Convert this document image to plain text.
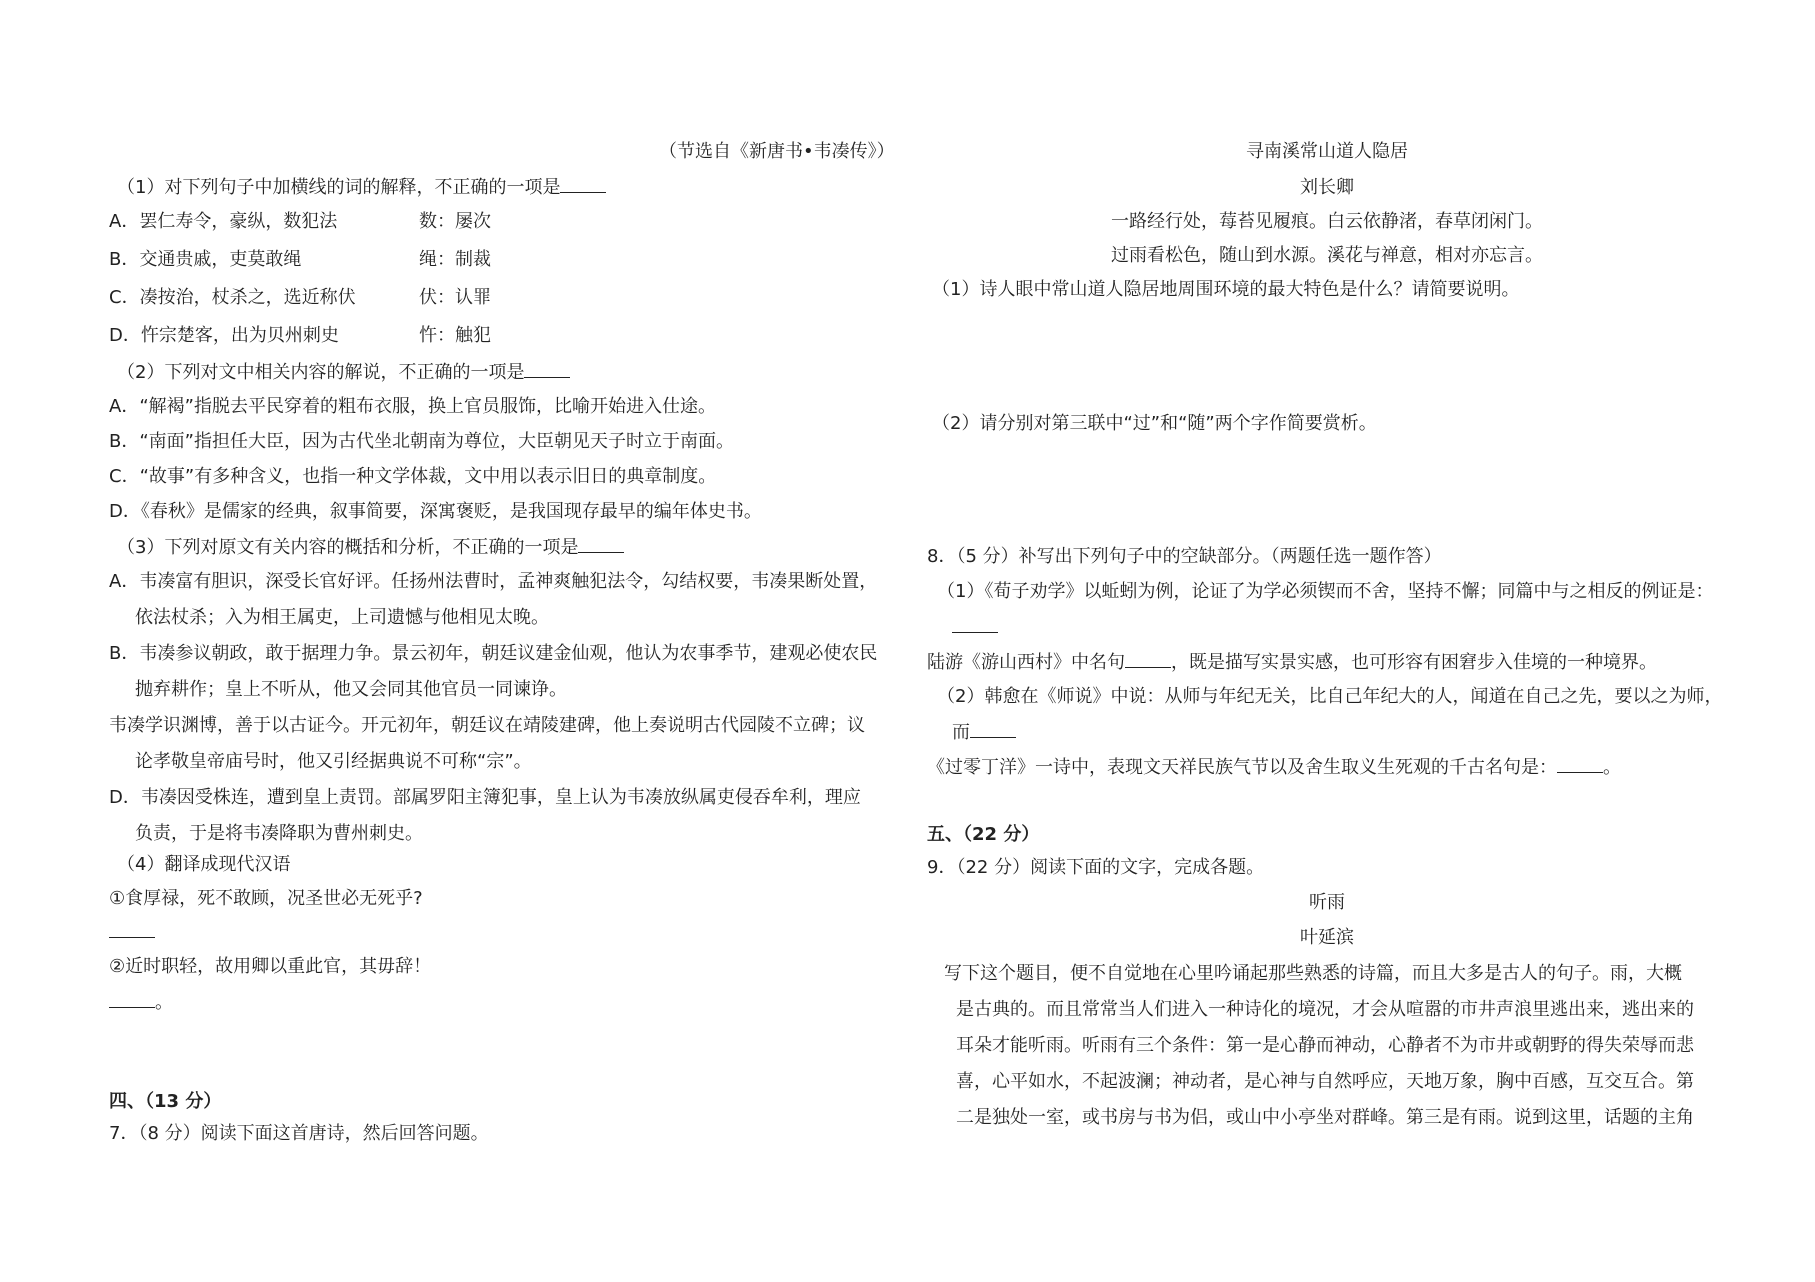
（节选自《新唐书•韦凑传》）
（1）对下列句子中加横线的词的解释，不正确的一项是
A．罢仁寿令，豪纵，数犯法	数：屡次
B．交通贵戚，吏莫敢绳	绳：制裁
C．凑按治，杖杀之，选近称伏	伏：认罪
D．忤宗楚客，出为贝州刺史	忤：触犯
（2）下列对文中相关内容的解说，不正确的一项是
A．“解褐”指脱去平民穿着的粗布衣服，换上官员服饰，比喻开始进入仕途。
B．“南面”指担任大臣，因为古代坐北朝南为尊位，大臣朝见天子时立于南面。
C．“故事”有多种含义，也指一种文学体裁，文中用以表示旧日的典章制度。
D．《春秋》是儒家的经典，叙事简要，深寓褒贬，是我国现存最早的编年体史书。
（3）下列对原文有关内容的概括和分析，不正确的一项是
A．韦凑富有胆识，深受长官好评。任扬州法曹时，孟神爽触犯法令，勾结权要，韦凑果断处置，
依法杖杀；入为相王属吏，上司遗憾与他相见太晚。
B．韦凑参议朝政，敢于据理力争。景云初年，朝廷议建金仙观，他认为农事季节，建观必使农民
抛弃耕作；皇上不听从，他又会同其他官员一同谏诤。
韦凑学识渊博，善于以古证今。开元初年，朝廷议在靖陵建碑，他上奏说明古代园陵不立碑；议
论孝敬皇帝庙号时，他又引经据典说不可称“宗”。
D．韦凑因受株连，遭到皇上责罚。部属罗阳主簿犯事，皇上认为韦凑放纵属吏侵吞牟利，理应
负责，于是将韦凑降职为曹州刺史。
（4）翻译成现代汉语
①食厚禄，死不敢顾，况圣世必无死乎?
②近时职轻，故用卿以重此官，其毋辞！
。
四、（13 分）
7．（8 分）阅读下面这首唐诗，然后回答问题。
寻南溪常山道人隐居
刘长卿
一路经行处，莓苔见履痕。白云依静渚，春草闭闲门。
过雨看松色，随山到水源。溪花与禅意，相对亦忘言。
（1）诗人眼中常山道人隐居地周围环境的最大特色是什么？请简要说明。
（2）请分别对第三联中“过”和“随”两个字作简要赏析。
8．（5 分）补写出下列句子中的空缺部分。（两题任选一题作答）
（1）《荀子劝学》以蚯蚓为例，论证了为学必须锲而不舍，坚持不懈；同篇中与之相反的例证是：
陆游《游山西村》中名句	，既是描写实景实感，也可形容有困窘步入佳境的一种境界。
（2）韩愈在《师说》中说：从师与年纪无关，比自己年纪大的人，闻道在自己之先，要以之为师，
而
《过零丁洋》一诗中，表现文天祥民族气节以及舍生取义生死观的千古名句是：	。
五、（22 分）
9．（22 分）阅读下面的文字，完成各题。
听雨
叶延滨
写下这个题目，便不自觉地在心里吟诵起那些熟悉的诗篇，而且大多是古人的句子。雨，大概
是古典的。而且常常当人们进入一种诗化的境况，才会从喧嚣的市井声浪里逃出来，逃出来的
耳朵才能听雨。听雨有三个条件：第一是心静而神动，心静者不为市井或朝野的得失荣辱而悲
喜，心平如水，不起波澜；神动者，是心神与自然呼应，天地万象，胸中百感，互交互合。第
二是独处一室，或书房与书为侣，或山中小亭坐对群峰。第三是有雨。说到这里，话题的主角
